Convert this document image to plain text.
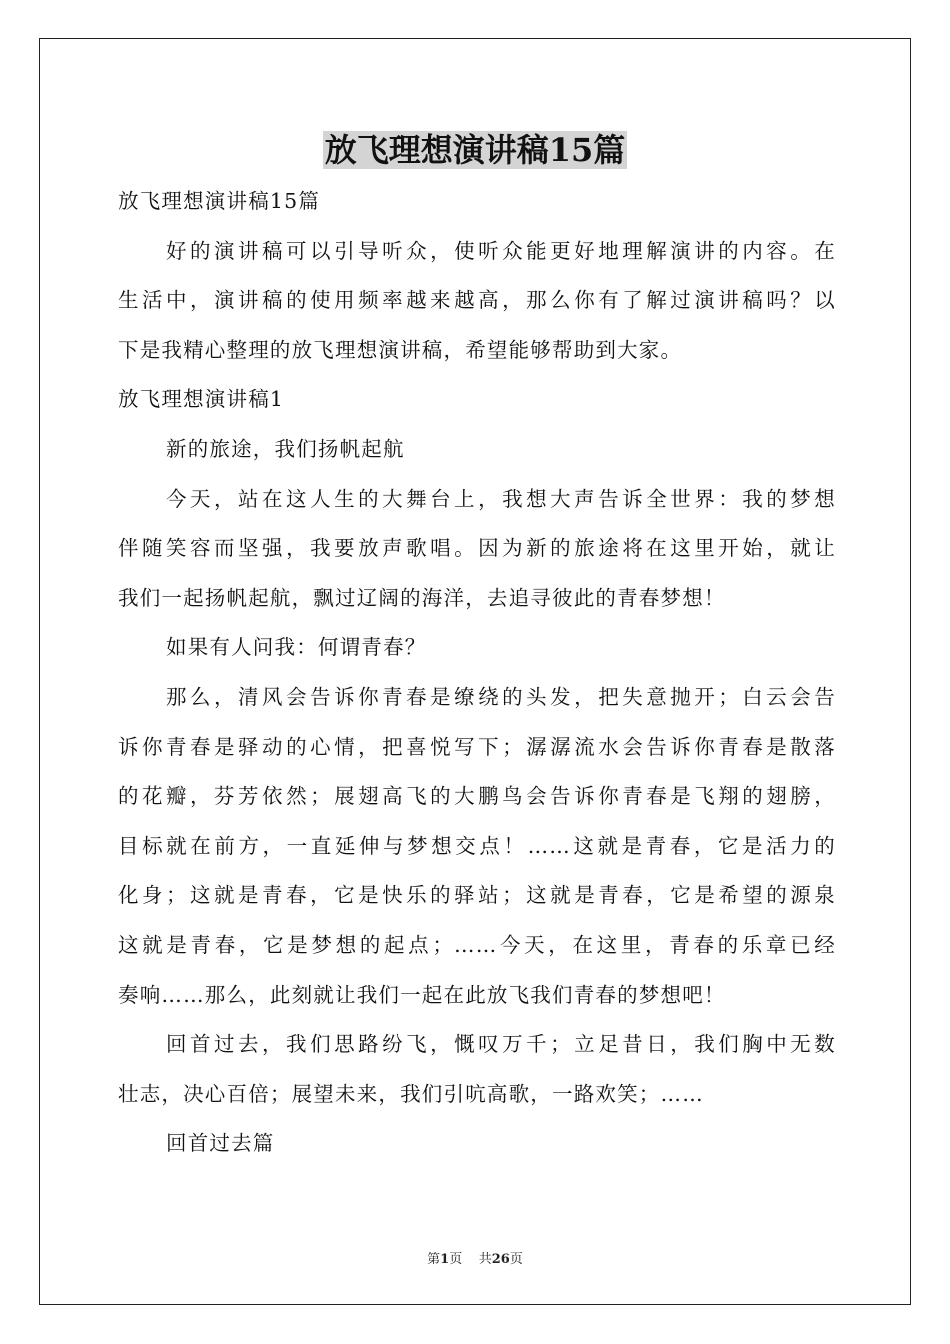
放飞理想演讲稿15篇
放飞理想演讲稿15篇
好的演讲稿可以引导听众，使听众能更好地理解演讲的内容。在
生活中，演讲稿的使用频率越来越高，那么你有了解过演讲稿吗？以
下是我精心整理的放飞理想演讲稿，希望能够帮助到大家。
放飞理想演讲稿1
新的旅途，我们扬帆起航
今天，站在这人生的大舞台上，我想大声告诉全世界：我的梦想
伴随笑容而坚强，我要放声歌唱。因为新的旅途将在这里开始，就让
我们一起扬帆起航，飘过辽阔的海洋，去追寻彼此的青春梦想！
如果有人问我：何谓青春？
那么，清风会告诉你青春是缭绕的头发，把失意抛开；白云会告
诉你青春是驿动的心情，把喜悦写下；潺潺流水会告诉你青春是散落
的花瓣，芬芳依然；展翅高飞的大鹏鸟会告诉你青春是飞翔的翅膀，
目标就在前方，一直延伸与梦想交点！……这就是青春，它是活力的
化身；这就是青春，它是快乐的驿站；这就是青春，它是希望的源泉
这就是青春，它是梦想的起点；……今天，在这里，青春的乐章已经
奏响……那么，此刻就让我们一起在此放飞我们青春的梦想吧！
回首过去，我们思路纷飞，慨叹万千；立足昔日，我们胸中无数
壮志，决心百倍；展望未来，我们引吭高歌，一路欢笑；……
回首过去篇
第1页 共26页
